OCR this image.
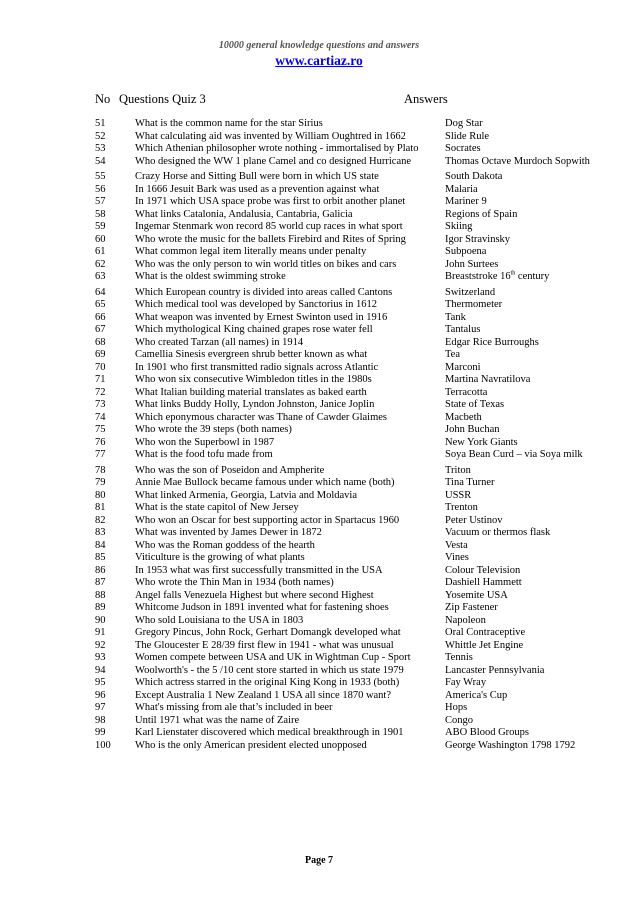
10000 general knowledge questions and answers
www.cartiaz.ro
No Questions Quiz 3	Answers
51	What is the common name for the star Sirius	Dog Star
52	What calculating aid was invented by William Oughtred in 1662	Slide Rule
53	Which Athenian philosopher wrote nothing - immortalised by Plato	Socrates
54	Who designed the WW 1 plane Camel and co designed Hurricane	Thomas Octave Murdoch Sopwith
55	Crazy Horse and Sitting Bull were born in which US state	South Dakota
56	In 1666 Jesuit Bark was used as a prevention against what	Malaria
57	In 1971 which USA space probe was first to orbit another planet	Mariner 9
58	What links Catalonia, Andalusia, Cantabria, Galicia	Regions of Spain
59	Ingemar Stenmark won record 85 world cup races in what sport	Skiing
60	Who wrote the music for the ballets Firebird and Rites of Spring	Igor Stravinsky
61	What common legal item literally means under penalty	Subpoena
62	Who was the only person to win world titles on bikes and cars	John Surtees
63	What is the oldest swimming stroke	Breaststroke 16th century
64	Which European country is divided into areas called Cantons	Switzerland
65	Which medical tool was developed by Sanctorius in 1612	Thermometer
66	What weapon was invented by Ernest Swinton used in 1916	Tank
67	Which mythological King chained grapes rose water fell	Tantalus
68	Who created Tarzan (all names) in 1914	Edgar Rice Burroughs
69	Camellia Sinesis evergreen shrub better known as what	Tea
70	In 1901 who first transmitted radio signals across Atlantic	Marconi
71	Who won six consecutive Wimbledon titles in the 1980s	Martina Navratilova
72	What Italian building material translates as baked earth	Terracotta
73	What links Buddy Holly, Lyndon Johnston, Janice Joplin	State of Texas
74	Which eponymous character was Thane of Cawder Glaimes	Macbeth
75	Who wrote the 39 steps (both names)	John Buchan
76	Who won the Superbowl in 1987	New York Giants
77	What is the food tofu made from	Soya Bean Curd – via Soya milk
78	Who was the son of Poseidon and Ampherite	Triton
79	Annie Mae Bullock became famous under which name (both)	Tina Turner
80	What linked Armenia, Georgia, Latvia and Moldavia	USSR
81	What is the state capitol of New Jersey	Trenton
82	Who won an Oscar for best supporting actor in Spartacus 1960	Peter Ustinov
83	What was invented by James Dewer in 1872	Vacuum or thermos flask
84	Who was the Roman goddess of the hearth	Vesta
85	Viticulture is the growing of what plants	Vines
86	In 1953 what was first successfully transmitted in the USA	Colour Television
87	Who wrote the Thin Man in 1934 (both names)	Dashiell Hammett
88	Angel falls Venezuela Highest but where second Highest	Yosemite USA
89	Whitcome Judson in 1891 invented what for fastening shoes	Zip Fastener
90	Who sold Louisiana to the USA in 1803	Napoleon
91	Gregory Pincus, John Rock, Gerhart Domangk developed what	Oral Contraceptive
92	The Gloucester E 28/39 first flew in 1941 - what was unusual	Whittle Jet Engine
93	Women compete between USA and UK in Wightman Cup - Sport	Tennis
94	Woolworth's - the 5 /10 cent store started in which us state 1979	Lancaster Pennsylvania
95	Which actress starred in the original King Kong in 1933 (both)	Fay Wray
96	Except Australia 1 New Zealand 1 USA all since 1870 want?	America's Cup
97	What's missing from ale that’s included in beer	Hops
98	Until 1971 what was the name of Zaire	Congo
99	Karl Lienstater discovered which medical breakthrough in 1901	ABO Blood Groups
100	Who is the only American president elected unopposed	George Washington 1798 1792
Page 7
